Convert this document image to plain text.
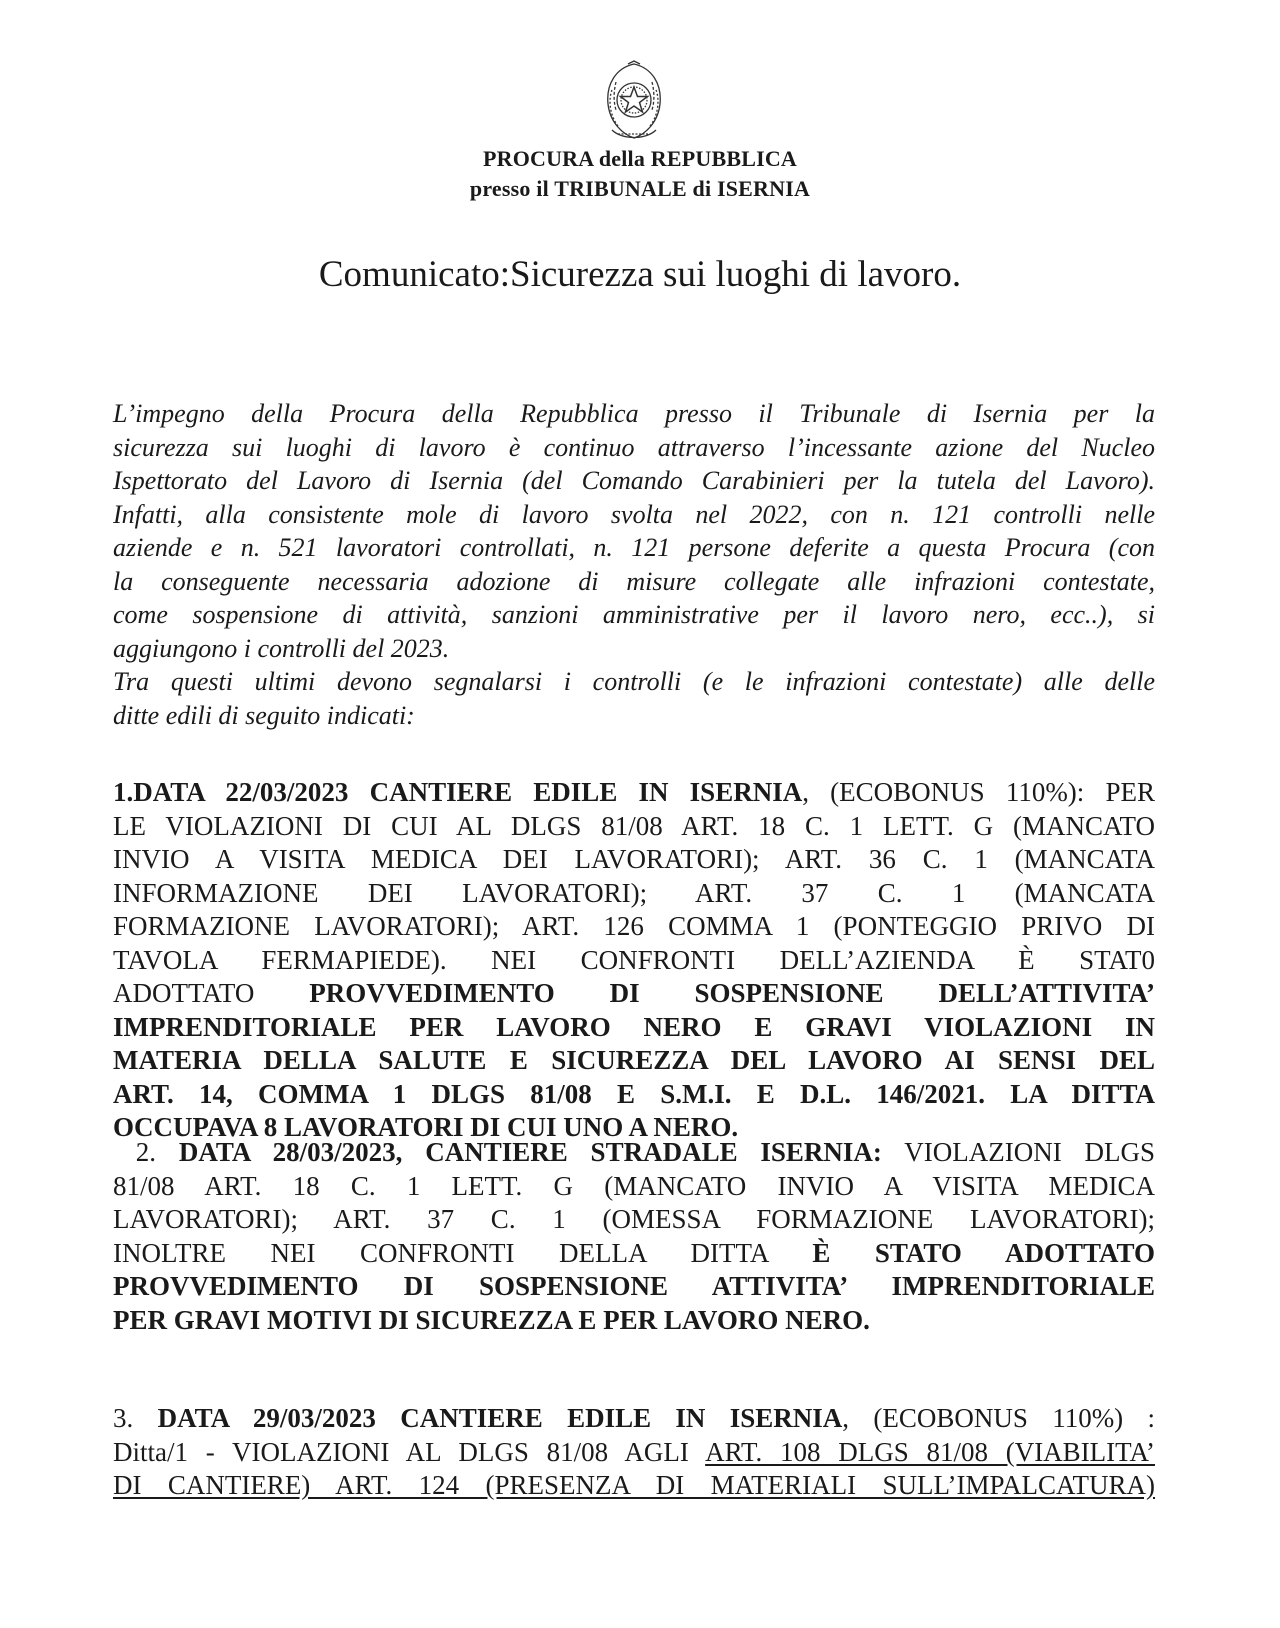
PROCURA della REPUBBLICA
presso il TRIBUNALE di ISERNIA
Comunicato:Sicurezza sui luoghi di lavoro.
L’impegno della Procura della Repubblica presso il Tribunale di Isernia per la
sicurezza sui luoghi di lavoro è continuo attraverso l’incessante azione del Nucleo
Ispettorato del Lavoro di Isernia (del Comando Carabinieri per la tutela del Lavoro).
Infatti, alla consistente mole di lavoro svolta nel 2022, con n. 121 controlli nelle
aziende e n. 521 lavoratori controllati, n. 121 persone deferite a questa Procura (con
la conseguente necessaria adozione di misure collegate alle infrazioni contestate,
come sospensione di attività, sanzioni amministrative per il lavoro nero, ecc..), si
aggiungono i controlli del 2023.
Tra questi ultimi devono segnalarsi i controlli (e le infrazioni contestate) alle delle
ditte edili di seguito indicati:
1.DATA 22/03/2023 CANTIERE EDILE IN ISERNIA, (ECOBONUS 110%): PER
LE VIOLAZIONI DI CUI AL DLGS 81/08 ART. 18 C. 1 LETT. G (MANCATO
INVIO A VISITA MEDICA DEI LAVORATORI); ART. 36 C. 1 (MANCATA
INFORMAZIONE DEI LAVORATORI); ART. 37 C. 1 (MANCATA
FORMAZIONE LAVORATORI); ART. 126 COMMA 1 (PONTEGGIO PRIVO DI
TAVOLA FERMAPIEDE). NEI CONFRONTI DELL’AZIENDA È STAT0
ADOTTATO PROVVEDIMENTO DI SOSPENSIONE DELL’ATTIVITA’
IMPRENDITORIALE PER LAVORO NERO E GRAVI VIOLAZIONI IN
MATERIA DELLA SALUTE E SICUREZZA DEL LAVORO AI SENSI DEL
ART. 14, COMMA 1 DLGS 81/08 E S.M.I. E D.L. 146/2021. LA DITTA
OCCUPAVA 8 LAVORATORI DI CUI UNO A NERO.
2. DATA 28/03/2023, CANTIERE STRADALE ISERNIA: VIOLAZIONI DLGS
81/08 ART. 18 C. 1 LETT. G (MANCATO INVIO A VISITA MEDICA
LAVORATORI); ART. 37 C. 1 (OMESSA FORMAZIONE LAVORATORI);
INOLTRE NEI CONFRONTI DELLA DITTA È STATO ADOTTATO
PROVVEDIMENTO DI SOSPENSIONE ATTIVITA’ IMPRENDITORIALE
PER GRAVI MOTIVI DI SICUREZZA E PER LAVORO NERO.
3. DATA 29/03/2023 CANTIERE EDILE IN ISERNIA, (ECOBONUS 110%) :
Ditta/1 - VIOLAZIONI AL DLGS 81/08 AGLI ART. 108 DLGS 81/08 (VIABILITA’
DI CANTIERE) ART. 124 (PRESENZA DI MATERIALI SULL’IMPALCATURA)
